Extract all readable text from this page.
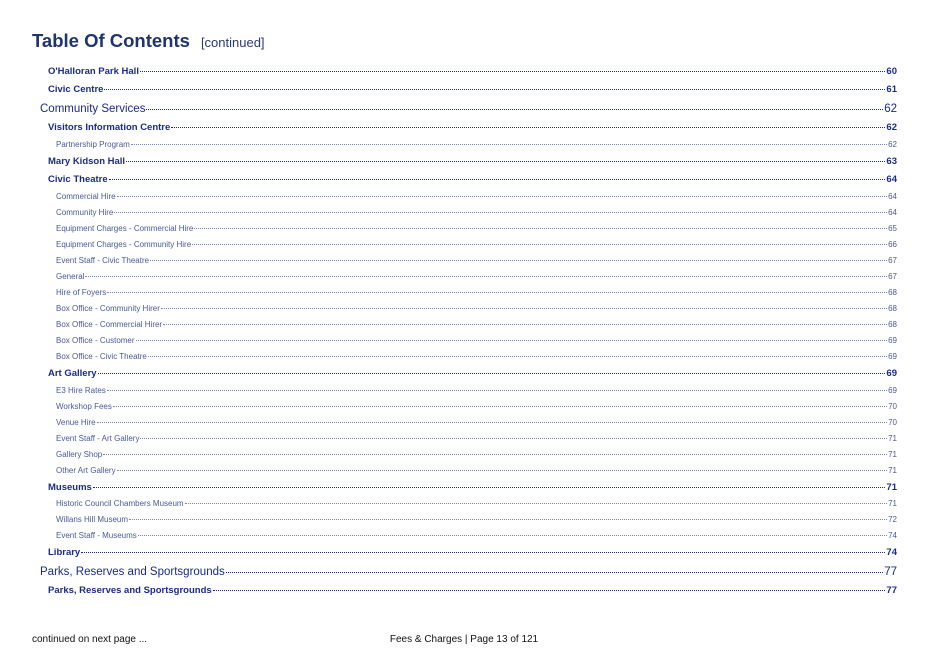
Table Of Contents [continued]
O'Halloran Park Hall	60
Civic Centre	61
Community Services	62
Visitors Information Centre	62
Partnership Program	62
Mary Kidson Hall	63
Civic Theatre	64
Commercial Hire	64
Community Hire	64
Equipment Charges - Commercial Hire	65
Equipment Charges - Community Hire	66
Event Staff - Civic Theatre	67
General	67
Hire of Foyers	68
Box Office - Community Hirer	68
Box Office - Commercial Hirer	68
Box Office - Customer	69
Box Office - Civic Theatre	69
Art Gallery	69
E3 Hire Rates	69
Workshop Fees	70
Venue Hire	70
Event Staff - Art Gallery	71
Gallery Shop	71
Other Art Gallery	71
Museums	71
Historic Council Chambers Museum	71
Willans Hill Museum	72
Event Staff - Museums	74
Library	74
Parks, Reserves and Sportsgrounds	77
Parks, Reserves and Sportsgrounds	77
continued on next page ...	Fees & Charges | Page 13 of 121
